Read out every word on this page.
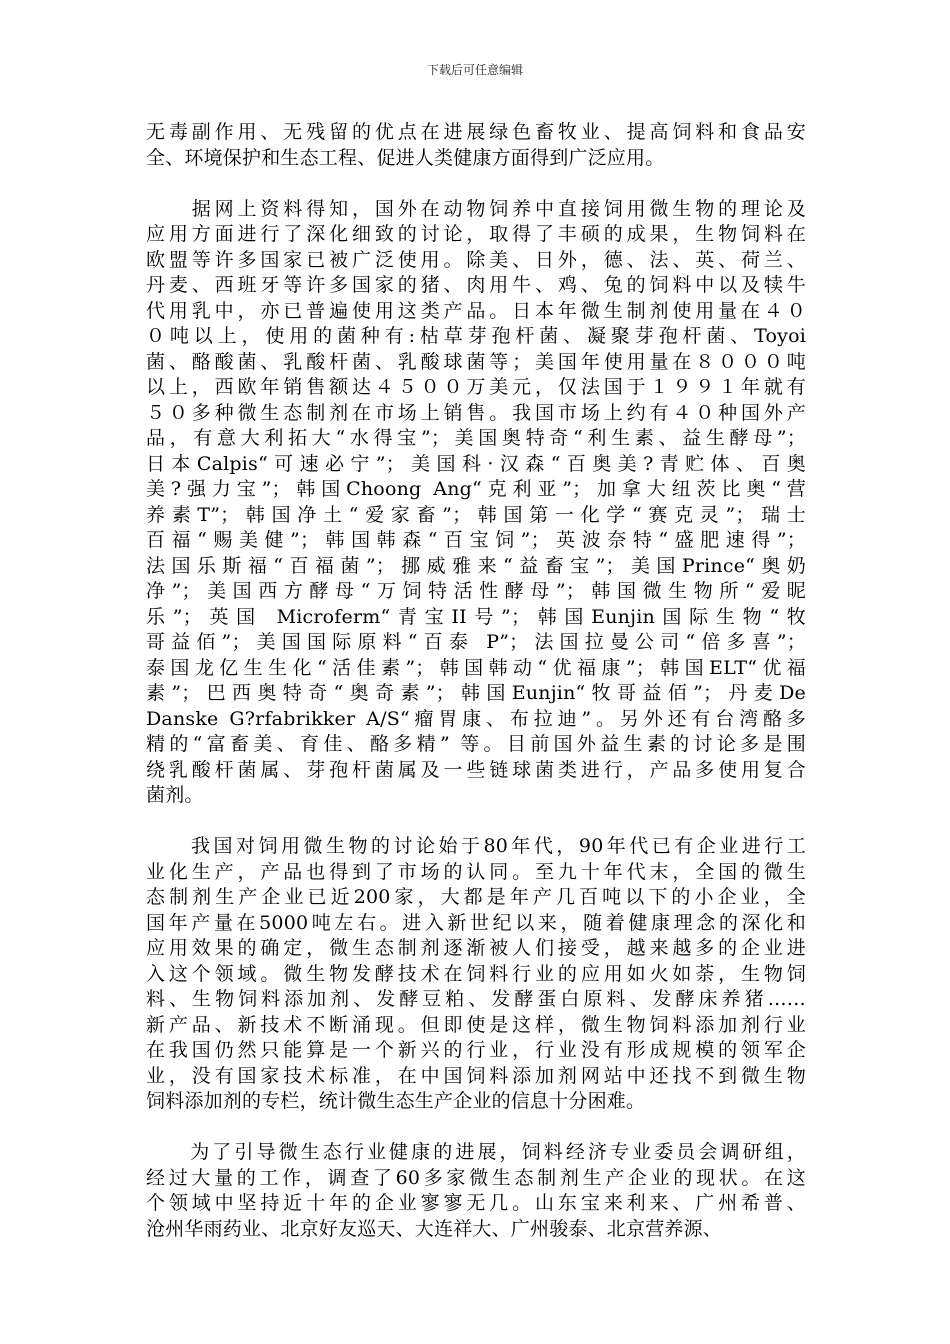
下载后可任意编辑
无毒副作用、无残留的优点在进展绿色畜牧业、提高饲料和食品安
全、环境保护和生态工程、促进人类健康方面得到广泛应用。
　　据网上资料得知，国外在动物饲养中直接饲用微生物的理论及
应用方面进行了深化细致的讨论，取得了丰硕的成果，生物饲料在
欧盟等许多国家已被广泛使用。除美、日外，德、法、英、荷兰、
丹麦、西班牙等许多国家的猪、肉用牛、鸡、兔的饲料中以及犊牛
代用乳中，亦已普遍使用这类产品。日本年微生制剂使用量在４０
０吨以上，使用的菌种有:枯草芽孢杆菌、凝聚芽孢杆菌、Toyoi
菌、酪酸菌、乳酸杆菌、乳酸球菌等；美国年使用量在８０００吨
以上，西欧年销售额达４５００万美元，仅法国于１９９１年就有
５０多种微生态制剂在市场上销售。我国市场上约有４０种国外产
品，有意大利拓大“水得宝”；美国奥特奇“利生素、益生酵母”；
日本Calpis“可速必宁”；美国科·汉森“百奥美?青贮体、百奥
美?强力宝”；韩国Choong Ang“克利亚”；加拿大纽茨比奥“营
养素T”；韩国净土“爱家畜”；韩国第一化学“赛克灵”；瑞士
百福“赐美健”；韩国韩森“百宝饲”；英波奈特“盛肥速得”；
法国乐斯福“百福菌”；挪威雅来“益畜宝”；美国Prince“奥奶
净”；美国西方酵母“万饲特活性酵母”；韩国微生物所“爱昵
乐”；英国 Microferm“青宝II号”；韩国Eunjin国际生物“牧
哥益佰”；美国国际原料“百泰 P”；法国拉曼公司“倍多喜”；
泰国龙亿生生化“活佳素”；韩国韩动“优福康”；韩国ELT“优福
素”；巴西奥特奇“奥奇素”；韩国Eunjin“牧哥益佰”；丹麦De
Danske G?rfabrikker A/S“瘤胃康、布拉迪”。另外还有台湾酪多
精的“富畜美、育佳、酪多精” 等。目前国外益生素的讨论多是围
绕乳酸杆菌属、芽孢杆菌属及一些链球菌类进行，产品多使用复合
菌剂。
　　我国对饲用微生物的讨论始于80年代，90年代已有企业进行工
业化生产，产品也得到了市场的认同。至九十年代末，全国的微生
态制剂生产企业已近200家，大都是年产几百吨以下的小企业，全
国年产量在5000吨左右。进入新世纪以来，随着健康理念的深化和
应用效果的确定，微生态制剂逐渐被人们接受，越来越多的企业进
入这个领域。微生物发酵技术在饲料行业的应用如火如荼，生物饲
料、生物饲料添加剂、发酵豆粕、发酵蛋白原料、发酵床养猪……
新产品、新技术不断涌现。但即使是这样，微生物饲料添加剂行业
在我国仍然只能算是一个新兴的行业，行业没有形成规模的领军企
业，没有国家技术标准，在中国饲料添加剂网站中还找不到微生物
饲料添加剂的专栏，统计微生态生产企业的信息十分困难。
　　为了引导微生态行业健康的进展，饲料经济专业委员会调研组，
经过大量的工作，调查了60多家微生态制剂生产企业的现状。在这
个领域中坚持近十年的企业寥寥无几。山东宝来利来、广州希普、
沧州华雨药业、北京好友巡天、大连祥大、广州骏泰、北京营养源、
